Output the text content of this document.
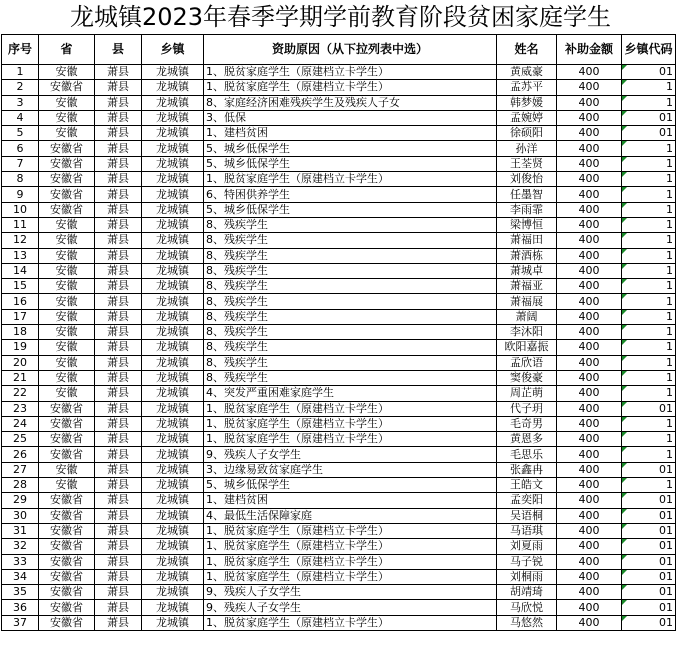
龙城镇2023年春季学期学前教育阶段贫困家庭学生
序号	省	县	乡镇	资助原因（从下拉列表中选）	姓名	补助金额	乡镇代码
1	安徽	萧县	龙城镇	1、脱贫家庭学生（原建档立卡学生）	黄威豪	400	01
2	安徽省	萧县	龙城镇	1、脱贫家庭学生（原建档立卡学生）	孟苏平	400	1
3	安徽	萧县	龙城镇	8、家庭经济困难残疾学生及残疾人子女	韩梦媛	400	1
4	安徽	萧县	龙城镇	3、低保	孟婉婷	400	01
5	安徽	萧县	龙城镇	1、建档贫困	徐硕阳	400	01
6	安徽省	萧县	龙城镇	5、城乡低保学生	孙洋	400	1
7	安徽省	萧县	龙城镇	5、城乡低保学生	王荃贤	400	1
8	安徽省	萧县	龙城镇	1、脱贫家庭学生（原建档立卡学生）	刘俊怡	400	1
9	安徽省	萧县	龙城镇	6、特困供养学生	任墨智	400	1
10	安徽省	萧县	龙城镇	5、城乡低保学生	李雨霏	400	1
11	安徽	萧县	龙城镇	8、残疾学生	梁博恒	400	1
12	安徽	萧县	龙城镇	8、残疾学生	萧福田	400	1
13	安徽	萧县	龙城镇	8、残疾学生	萧酒栋	400	1
14	安徽	萧县	龙城镇	8、残疾学生	萧城卓	400	1
15	安徽	萧县	龙城镇	8、残疾学生	萧福亚	400	1
16	安徽	萧县	龙城镇	8、残疾学生	萧福展	400	1
17	安徽	萧县	龙城镇	8、残疾学生	萧阔	400	1
18	安徽	萧县	龙城镇	8、残疾学生	李沐阳	400	1
19	安徽	萧县	龙城镇	8、残疾学生	欧阳嘉振	400	1
20	安徽	萧县	龙城镇	8、残疾学生	孟欣语	400	1
21	安徽	萧县	龙城镇	8、残疾学生	窦俊豪	400	1
22	安徽	萧县	龙城镇	4、突发严重困难家庭学生	周芷萌	400	1
23	安徽省	萧县	龙城镇	1、脱贫家庭学生（原建档立卡学生）	代子玥	400	01
24	安徽省	萧县	龙城镇	1、脱贫家庭学生（原建档立卡学生）	毛奇男	400	1
25	安徽省	萧县	龙城镇	1、脱贫家庭学生（原建档立卡学生）	黄恩多	400	1
26	安徽省	萧县	龙城镇	9、残疾人子女学生	毛思乐	400	1
27	安徽	萧县	龙城镇	3、边缘易致贫家庭学生	张鑫冉	400	01
28	安徽	萧县	龙城镇	5、城乡低保学生	王皓文	400	1
29	安徽省	萧县	龙城镇	1、建档贫困	孟奕阳	400	01
30	安徽省	萧县	龙城镇	4、最低生活保障家庭	吴语桐	400	01
31	安徽省	萧县	龙城镇	1、脱贫家庭学生（原建档立卡学生）	马语琪	400	01
32	安徽省	萧县	龙城镇	1、脱贫家庭学生（原建档立卡学生）	刘夏雨	400	01
33	安徽省	萧县	龙城镇	1、脱贫家庭学生（原建档立卡学生）	马子锐	400	01
34	安徽省	萧县	龙城镇	1、脱贫家庭学生（原建档立卡学生）	刘桐雨	400	01
35	安徽省	萧县	龙城镇	9、残疾人子女学生	胡靖琦	400	01
36	安徽省	萧县	龙城镇	9、残疾人子女学生	马欣悦	400	01
37	安徽省	萧县	龙城镇	1、脱贫家庭学生（原建档立卡学生）	马悠然	400	01
